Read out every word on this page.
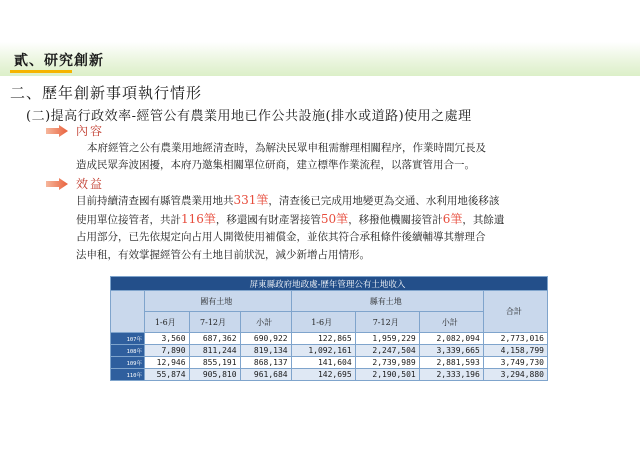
貳、研究創新
二、歷年創新事項執行情形
(二)提高行政效率-經管公有農業用地已作公共設施(排水或道路)使用之處理
內容
本府經管之公有農業用地經清查時，為解決民眾申租需辦理相關程序，作業時間冗長及
造成民眾奔波困擾，本府乃邀集相關單位研商，建立標準作業流程，以落實管用合一。
效益
目前持續清查國有縣管農業用地共331筆，清查後已完成用地變更為交通、水利用地後移該
使用單位接管者，共計116筆，移還國有財產署接管50筆，移撥他機關接管計6筆，其餘遺
占用部分，已先依規定向占用人開徵使用補償金，並依其符合承租條件後續輔導其辦理合
法申租，有效掌握經管公有土地目前狀況，減少新增占用情形。
屏東縣政府地政處-歷年管理公有土地收入							
	國有土地			縣有土地			合計
	1-6月	7-12月	小計	1-6月	7-12月	小計	
107年	3,560	687,362	690,922	122,865	1,959,229	2,082,094	2,773,016
108年	7,890	811,244	819,134	1,092,161	2,247,504	3,339,665	4,158,799
109年	12,946	855,191	868,137	141,604	2,739,989	2,881,593	3,749,730
110年	55,874	905,810	961,684	142,695	2,190,501	2,333,196	3,294,880
